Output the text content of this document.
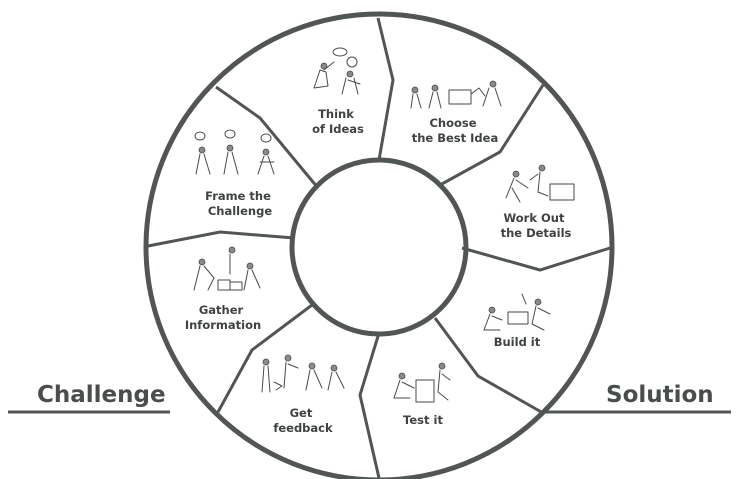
Challenge	Solution
Think of Ideas	Choose the Best Idea
Work Out the Details
Build it
Test it
Get feedback
Gather Information
Frame the Challenge
